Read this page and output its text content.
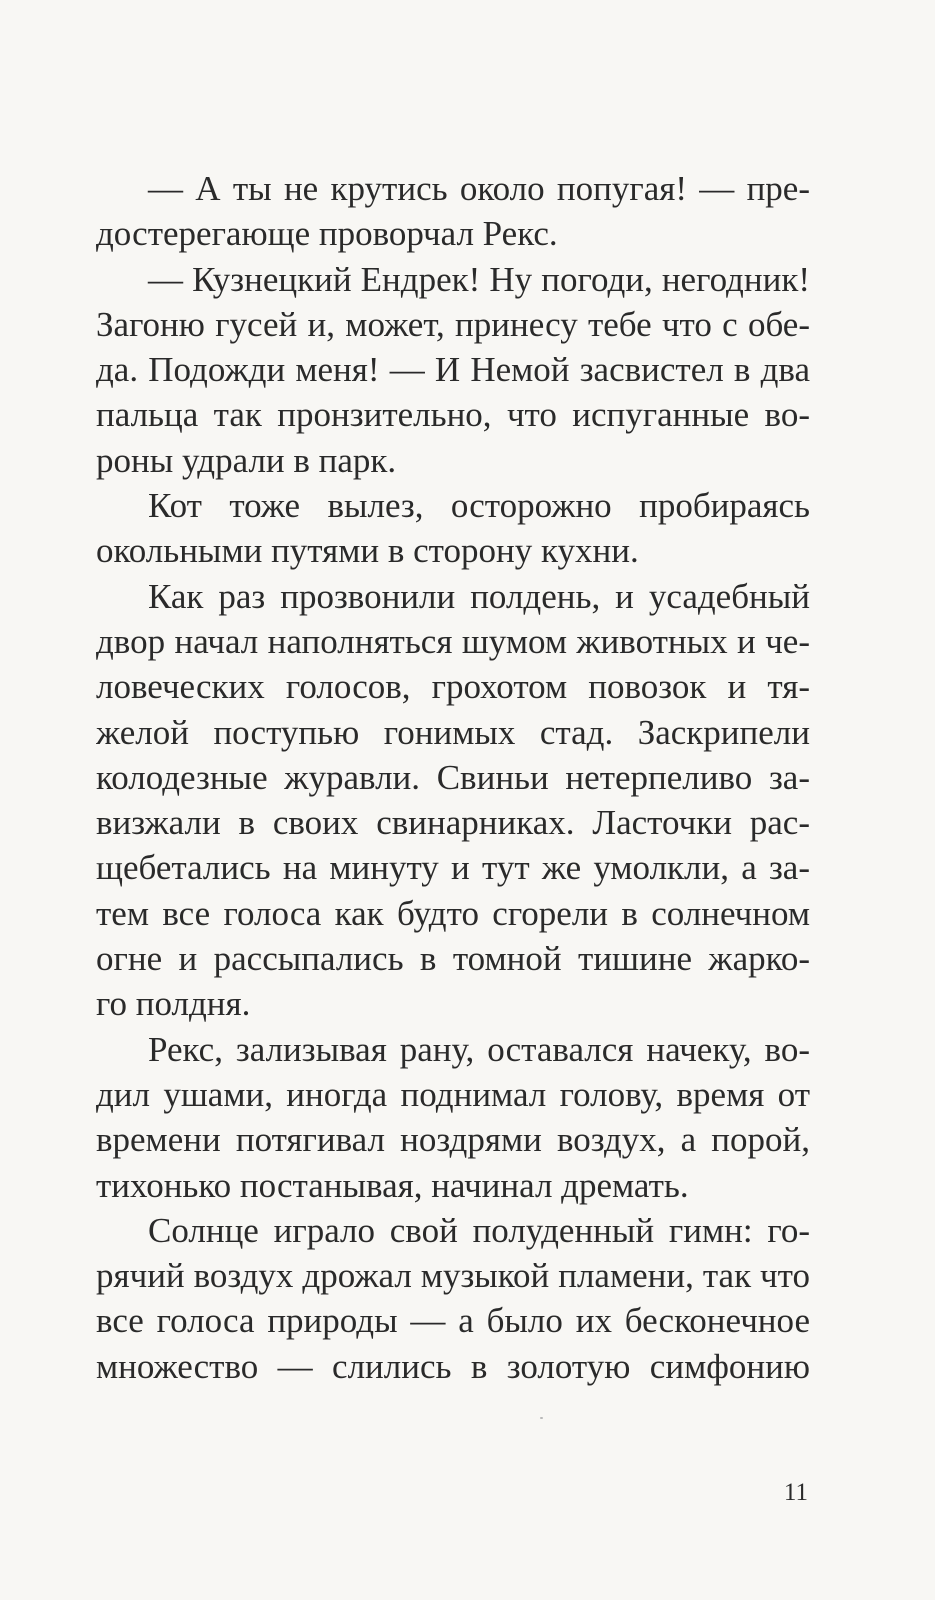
— А ты не крутись около попугая! — пре-
достерегающе проворчал Рекс.
— Кузнецкий Ендрек! Ну погоди, негодник!
Загоню гусей и, может, принесу тебе что с обе-
да. Подожди меня! — И Немой засвистел в два
пальца так пронзительно, что испуганные во-
роны удрали в парк.
Кот тоже вылез, осторожно пробираясь
окольными путями в сторону кухни.
Как раз прозвонили полдень, и усадебный
двор начал наполняться шумом животных и че-
ловеческих голосов, грохотом повозок и тя-
желой поступью гонимых стад. Заскрипели
колодезные журавли. Свиньи нетерпеливо за-
визжали в своих свинарниках. Ласточки рас-
щебетались на минуту и тут же умолкли, а за-
тем все голоса как будто сгорели в солнечном
огне и рассыпались в томной тишине жарко-
го полдня.
Рекс, зализывая рану, оставался начеку, во-
дил ушами, иногда поднимал голову, время от
времени потягивал ноздрями воздух, а порой,
тихонько постанывая, начинал дремать.
Солнце играло свой полуденный гимн: го-
рячий воздух дрожал музыкой пламени, так что
все голоса природы — а было их бесконечное
множество — слились в золотую симфонию
11
